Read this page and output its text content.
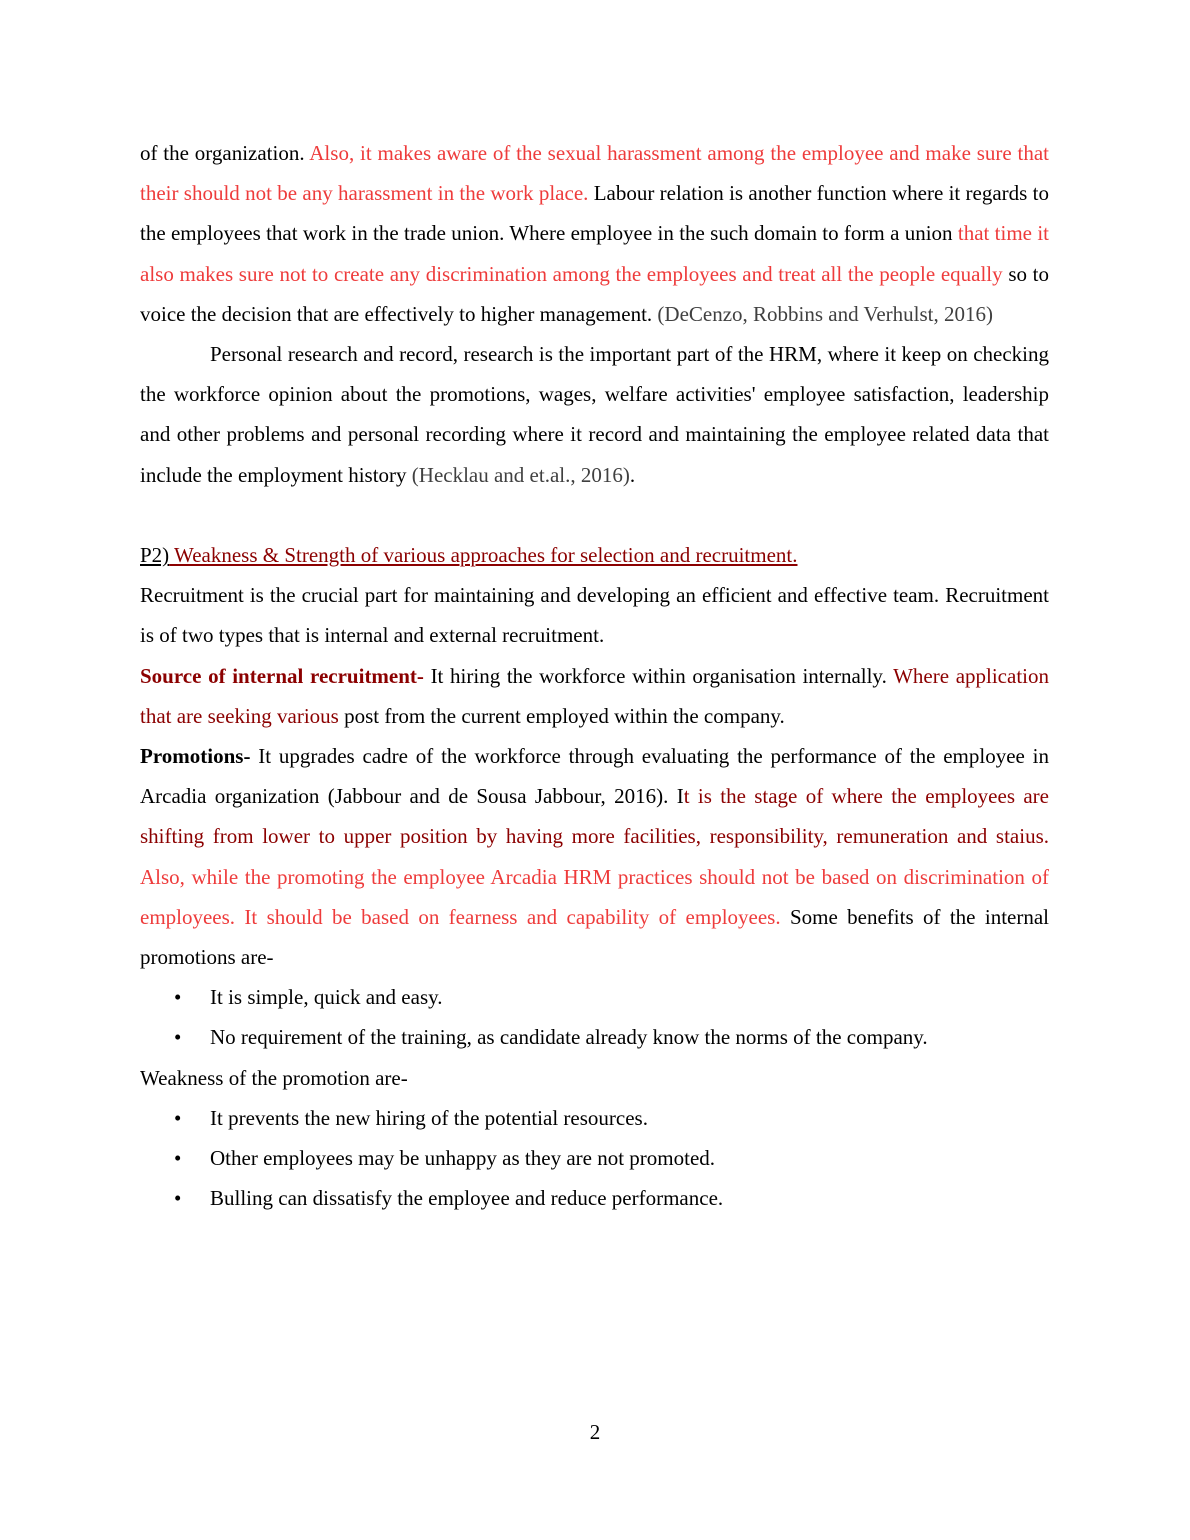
of the organization. Also, it makes aware of the sexual harassment among the employee and make sure that their should not be any harassment in the work place. Labour relation is another function where it regards to the employees that work in the trade union. Where employee in the such domain to form a union that time it also makes sure not to create any discrimination among the employees and treat all the people equally so to voice the decision that are effectively to higher management. (DeCenzo, Robbins and Verhulst, 2016)

Personal research and record, research is the important part of the HRM, where it keep on checking the workforce opinion about the promotions, wages, welfare activities' employee satisfaction, leadership and other problems and personal recording where it record and maintaining the employee related data that include the employment history (Hecklau and et.al., 2016).

P2) Weakness & Strength of various approaches for selection and recruitment.

Recruitment is the crucial part for maintaining and developing an efficient and effective team. Recruitment is of two types that is internal and external recruitment.

Source of internal recruitment- It hiring the workforce within organisation internally. Where application that are seeking various post from the current employed within the company.

Promotions- It upgrades cadre of the workforce through evaluating the performance of the employee in Arcadia organization (Jabbour and de Sousa Jabbour, 2016). It is the stage of where the employees are shifting from lower to upper position by having more facilities, responsibility, remuneration and staius. Also, while the promoting the employee Arcadia HRM practices should not be based on discrimination of employees. It should be based on fearness and capability of employees. Some benefits of the internal promotions are-

• It is simple, quick and easy.
• No requirement of the training, as candidate already know the norms of the company.

Weakness of the promotion are-

• It prevents the new hiring of the potential resources.
• Other employees may be unhappy as they are not promoted.
• Bulling can dissatisfy the employee and reduce performance.
2
